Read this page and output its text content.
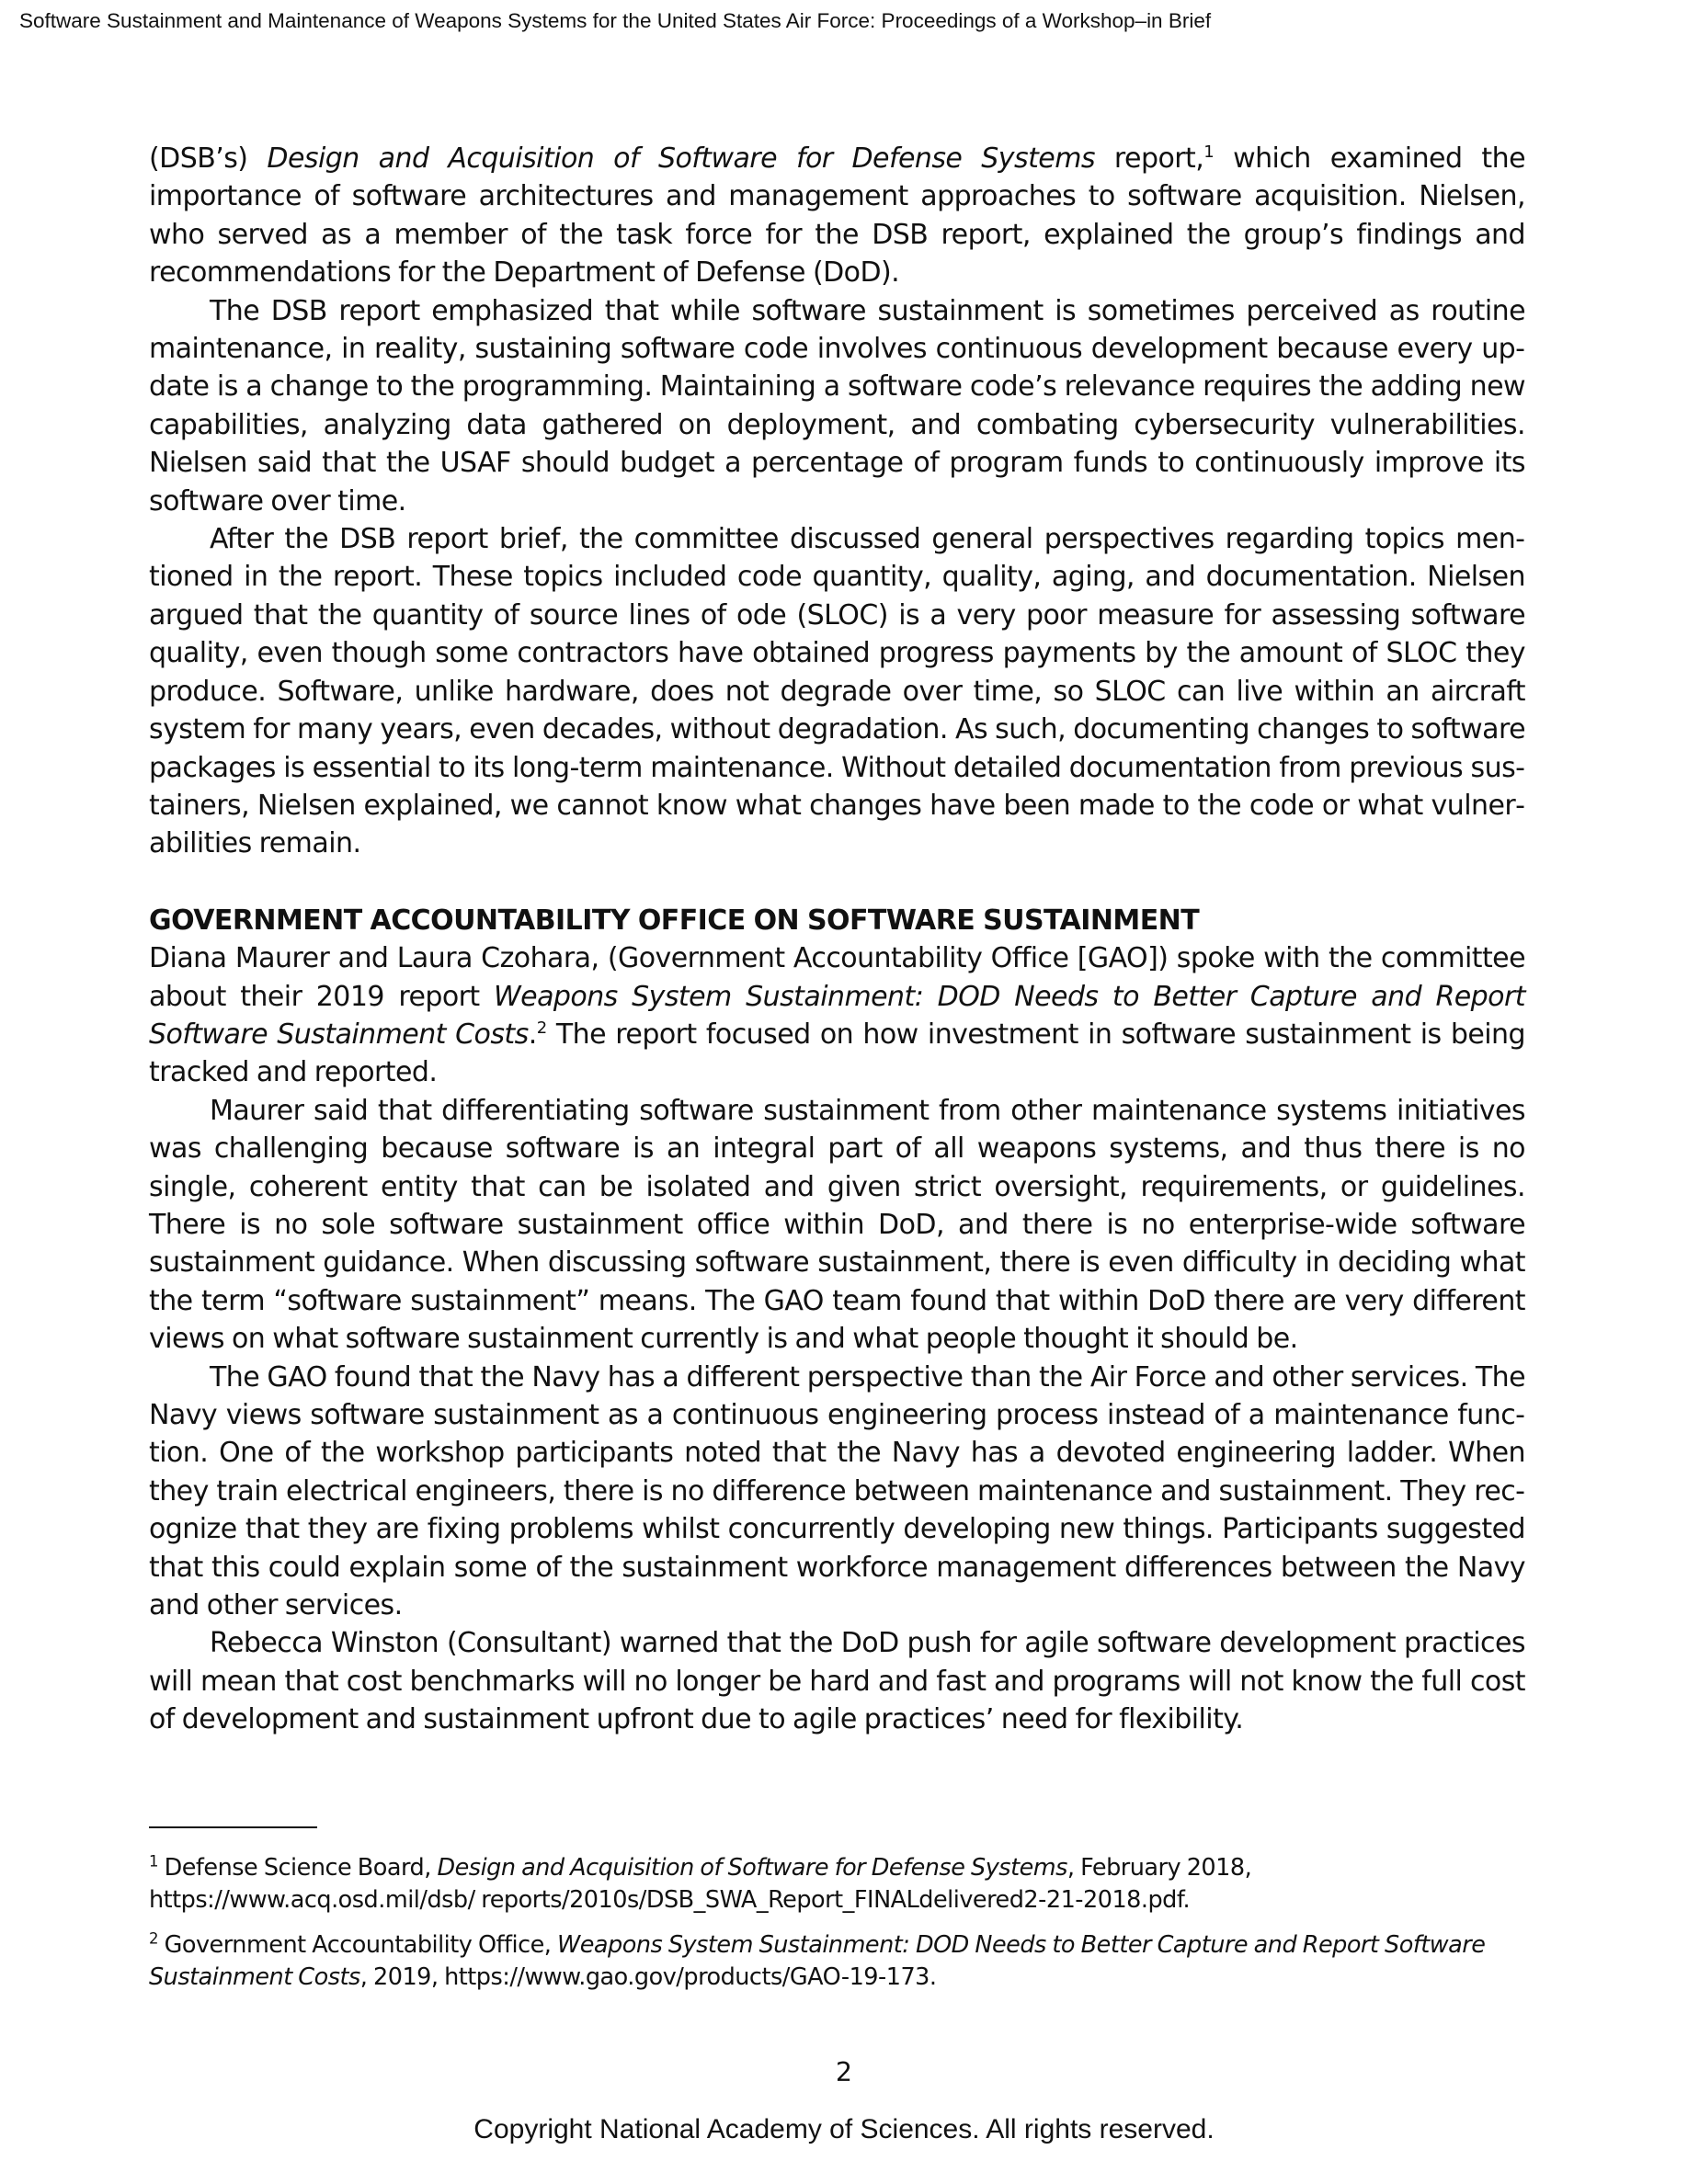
Software Sustainment and Maintenance of Weapons Systems for the United States Air Force: Proceedings of a Workshop–in Brief

(DSB’s) Design and Acquisition of Software for Defense Systems report,$^1$ which examined the importance of software architectures and management approaches to software acquisition. Nielsen, who served as a member of the task force for the DSB report, explained the group’s findings and recommendations for the Department of Defense (DoD).

The DSB report emphasized that while software sustainment is sometimes perceived as routine maintenance, in reality, sustaining software code involves continuous development because every update is a change to the programming. Maintaining a software code’s relevance requires the adding new capabilities, analyzing data gathered on deployment, and combating cybersecurity vulnerabilities. Nielsen said that the USAF should budget a percentage of program funds to continuously improve its software over time.

After the DSB report brief, the committee discussed general perspectives regarding topics mentioned in the report. These topics included code quantity, quality, aging, and documentation. Nielsen argued that the quantity of source lines of ode (SLOC) is a very poor measure for assessing software quality, even though some contractors have obtained progress payments by the amount of SLOC they produce. Software, unlike hardware, does not degrade over time, so SLOC can live within an aircraft system for many years, even decades, without degradation. As such, documenting changes to software packages is essential to its long-term maintenance. Without detailed documentation from previous sustainers, Nielsen explained, we cannot know what changes have been made to the code or what vulnerabilities remain.

GOVERNMENT ACCOUNTABILITY OFFICE ON SOFTWARE SUSTAINMENT

Diana Maurer and Laura Czohara, (Government Accountability Office [GAO]) spoke with the committee about their 2019 report Weapons System Sustainment: DOD Needs to Better Capture and Report Software Sustainment Costs.$^2$ The report focused on how investment in software sustainment is being tracked and reported.

Maurer said that differentiating software sustainment from other maintenance systems initiatives was challenging because software is an integral part of all weapons systems, and thus there is no single, coherent entity that can be isolated and given strict oversight, requirements, or guidelines. There is no sole software sustainment office within DoD, and there is no enterprise-wide software sustainment guidance. When discussing software sustainment, there is even difficulty in deciding what the term “software sustainment” means. The GAO team found that within DoD there are very different views on what software sustainment currently is and what people thought it should be.

The GAO found that the Navy has a different perspective than the Air Force and other services. The Navy views software sustainment as a continuous engineering process instead of a maintenance function. One of the workshop participants noted that the Navy has a devoted engineering ladder. When they train electrical engineers, there is no difference between maintenance and sustainment. They recognize that they are fixing problems whilst concurrently developing new things. Participants suggested that this could explain some of the sustainment workforce management differences between the Navy and other services.

Rebecca Winston (Consultant) warned that the DoD push for agile software development practices will mean that cost benchmarks will no longer be hard and fast and programs will not know the full cost of development and sustainment upfront due to agile practices’ need for flexibility.

$^1$ Defense Science Board, Design and Acquisition of Software for Defense Systems, February 2018, https://www.acq.osd.mil/dsb/ reports/2010s/DSB_SWA_Report_FINALdelivered2-21-2018.pdf.

$^2$ Government Accountability Office, Weapons System Sustainment: DOD Needs to Better Capture and Report Software Sustainment Costs, 2019, https://www.gao.gov/products/GAO-19-173.

2
Copyright National Academy of Sciences. All rights reserved.
